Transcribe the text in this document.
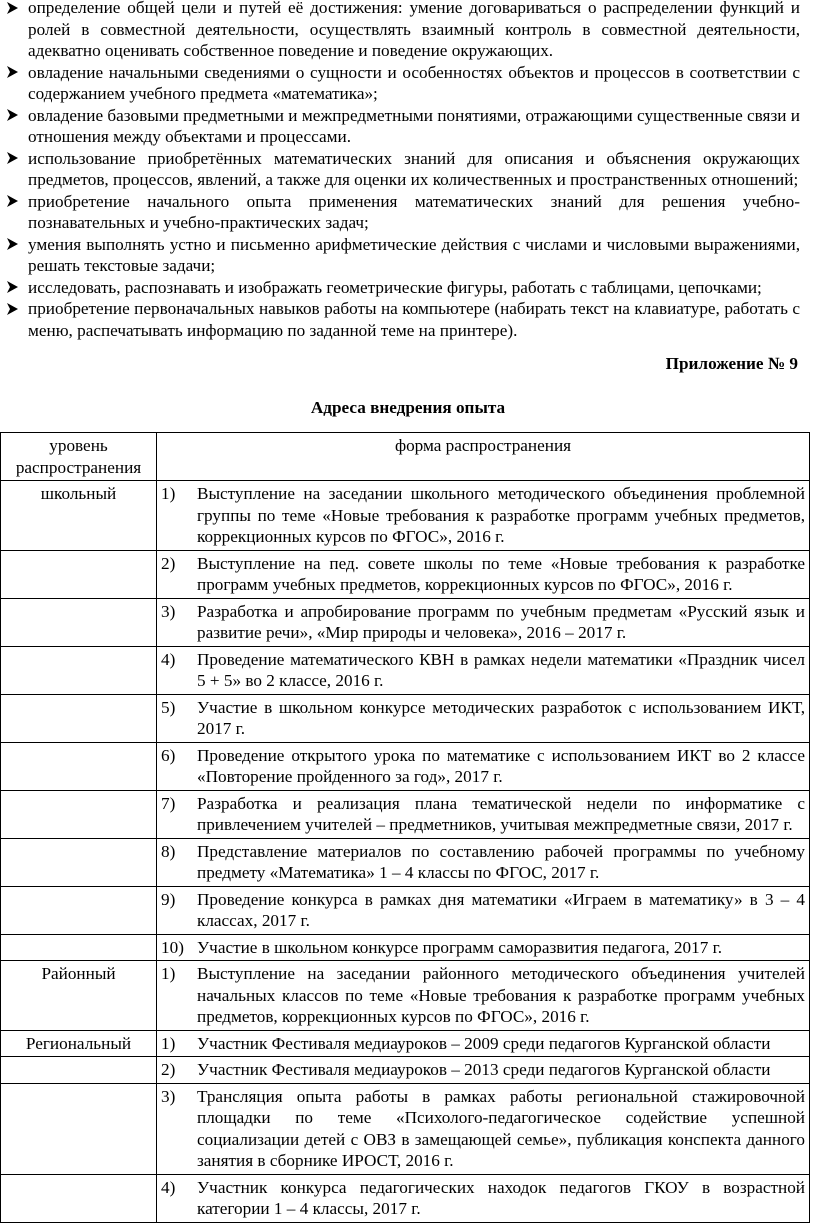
определение общей цели и путей её достижения: умение договариваться о распределении функций и ролей в совместной деятельности, осуществлять взаимный контроль в совместной деятельности, адекватно оценивать собственное поведение и поведение окружающих.
овладение начальными сведениями о сущности и особенностях объектов и процессов в соответствии с содержанием учебного предмета «математика»;
овладение базовыми предметными и межпредметными понятиями, отражающими существенные связи и отношения между объектами и процессами.
использование приобретённых математических знаний для описания и объяснения окружающих предметов, процессов, явлений, а также для оценки их количественных и пространственных отношений;
приобретение начального опыта применения математических знаний для решения учебно-познавательных и учебно-практических задач;
умения выполнять устно и письменно арифметические действия с числами и числовыми выражениями, решать текстовые задачи;
исследовать, распознавать и изображать геометрические фигуры, работать с таблицами, цепочками;
приобретение первоначальных навыков работы на компьютере (набирать текст на клавиатуре, работать с меню, распечатывать информацию по заданной теме на принтере).
Приложение № 9
Адреса внедрения опыта
уровень распространения	форма распространения
школьный	1) Выступление на заседании школьного методического объединения проблемной группы по теме «Новые требования к разработке программ учебных предметов, коррекционных курсов по ФГОС», 2016 г.

	2) Выступление на пед. совете школы по теме «Новые требования к разработке программ учебных предметов, коррекционных курсов по ФГОС», 2016 г.

	3) Разработка и апробирование программ по учебным предметам «Русский язык и развитие речи», «Мир природы и человека», 2016 – 2017 г.

	4) Проведение математического КВН в рамках недели математики «Праздник чисел 5 + 5» во 2 классе, 2016 г.

	5) Участие в школьном конкурсе методических разработок с использованием ИКТ, 2017 г.

	6) Проведение открытого урока по математике с использованием ИКТ во 2 классе «Повторение пройденного за год», 2017 г.

	7) Разработка и реализация плана тематической недели по информатике с привлечением учителей – предметников, учитывая межпредметные связи, 2017 г.

	8) Представление материалов по составлению рабочей программы по учебному предмету «Математика» 1 – 4 классы по ФГОС, 2017 г.

	9) Проведение конкурса в рамках дня математики «Играем в математику» в 3 – 4 классах, 2017 г.

	10) Участие в школьном конкурсе программ саморазвития педагога, 2017 г.

Районный	1) Выступление на заседании районного методического объединения учителей начальных классов по теме «Новые требования к разработке программ учебных предметов, коррекционных курсов по ФГОС», 2016 г.

Региональный	1) Участник Фестиваля медиауроков – 2009 среди педагогов Курганской области

	2) Участник Фестиваля медиауроков – 2013 среди педагогов Курганской области

	3) Трансляция опыта работы в рамках работы региональной стажировочной площадки по теме «Психолого-педагогическое содействие успешной социализации детей с ОВЗ в замещающей семье», публикация конспекта данного занятия в сборнике ИРОСТ, 2016 г.

	4) Участник конкурса педагогических находок педагогов ГКОУ в возрастной категории 1 – 4 классы, 2017 г.
